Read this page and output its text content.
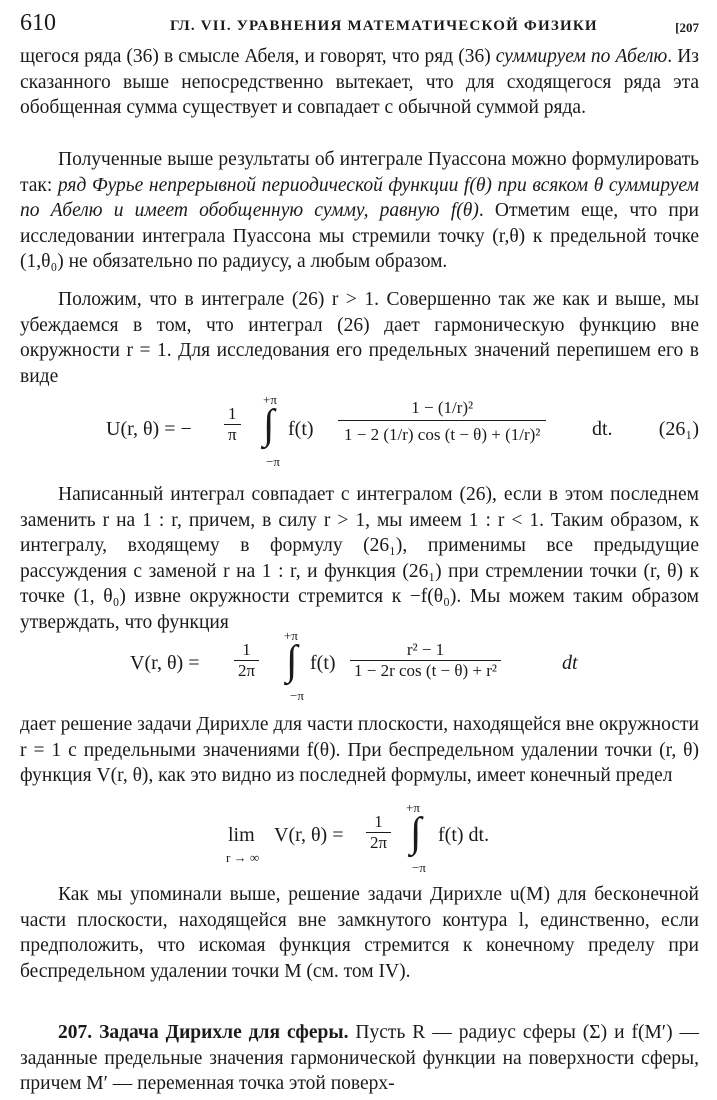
610	ГЛ. VII. УРАВНЕНИЯ МАТЕМАТИЧЕСКОЙ ФИЗИКИ	[207

щегося ряда (36) в смысле Абеля, и говорят, что ряд (36) суммируем по Абелю. Из сказанного выше непосредственно вытекает, что для сходящегося ряда эта обобщенная сумма существует и совпадает с обычной суммой ряда.

Полученные выше результаты об интеграле Пуассона можно формулировать так: ряд Фурье непрерывной периодической функции f(θ) при всяком θ суммируем по Абелю и имеет обобщенную сумму, равную f(θ). Отметим еще, что при исследовании интеграла Пуассона мы стремили точку (r,θ) к предельной точке (1,θ₀) не обязательно по радиусу, а любым образом.

Положим, что в интеграле (26) r > 1. Совершенно так же как и выше, мы убеждаемся в том, что интеграл (26) дает гармоническую функцию вне окружности r = 1. Для исследования его предельных значений перепишем его в виде

U(r, θ) = − $\frac{1}{\pi}$
+π
∫
−π
$f(t) \frac{\text{1 − (1/r)²}}{\text{1 − 2 (1/r) cos (t − θ) + (1/r)²}}$ dt. (26₁)

Написанный интеграл совпадает с интегралом (26), если в этом последнем заменить r на 1 : r, причем, в силу r > 1, мы имеем 1 : r < 1. Таким образом, к интегралу, входящему в формулу (26₁), применимы все предыдущие рассуждения с заменой r на 1 : r, и функция (26₁) при стремлении точки (r, θ) к точке (1, θ₀) извне окружности стремится к −f(θ₀). Мы можем таким образом утверждать, что функция

V(r, $\theta) = \frac{1}{2\pi}$
+π
∫
−π
$f(t) \frac{\text{r² − 1}}{\text{1 − 2r cos (t − θ) + r²}}$	dt

дает решение задачи Дирихле для части плоскости, находящейся вне окружности r = 1 с предельными значениями f(θ). При беспредельном удалении точки (r, θ) функция V(r, θ), как это видно из последней формулы, имеет конечный предел

lim
r → ∞
V(r, $\theta) = \frac{1}{2\pi}$
+π
∫
−π
f(t) dt.

Как мы упоминали выше, решение задачи Дирихле u(M) для бесконечной части плоскости, находящейся вне замкнутого контура l, единственно, если предположить, что искомая функция стремится к конечному пределу при беспредельном удалении точки M (см. том IV).

207. Задача Дирихле для сферы. Пусть R — радиус сферы (Σ) и f(M′) — заданные предельные значения гармонической функции на поверхности сферы, причем M′ — переменная точка этой поверх-
